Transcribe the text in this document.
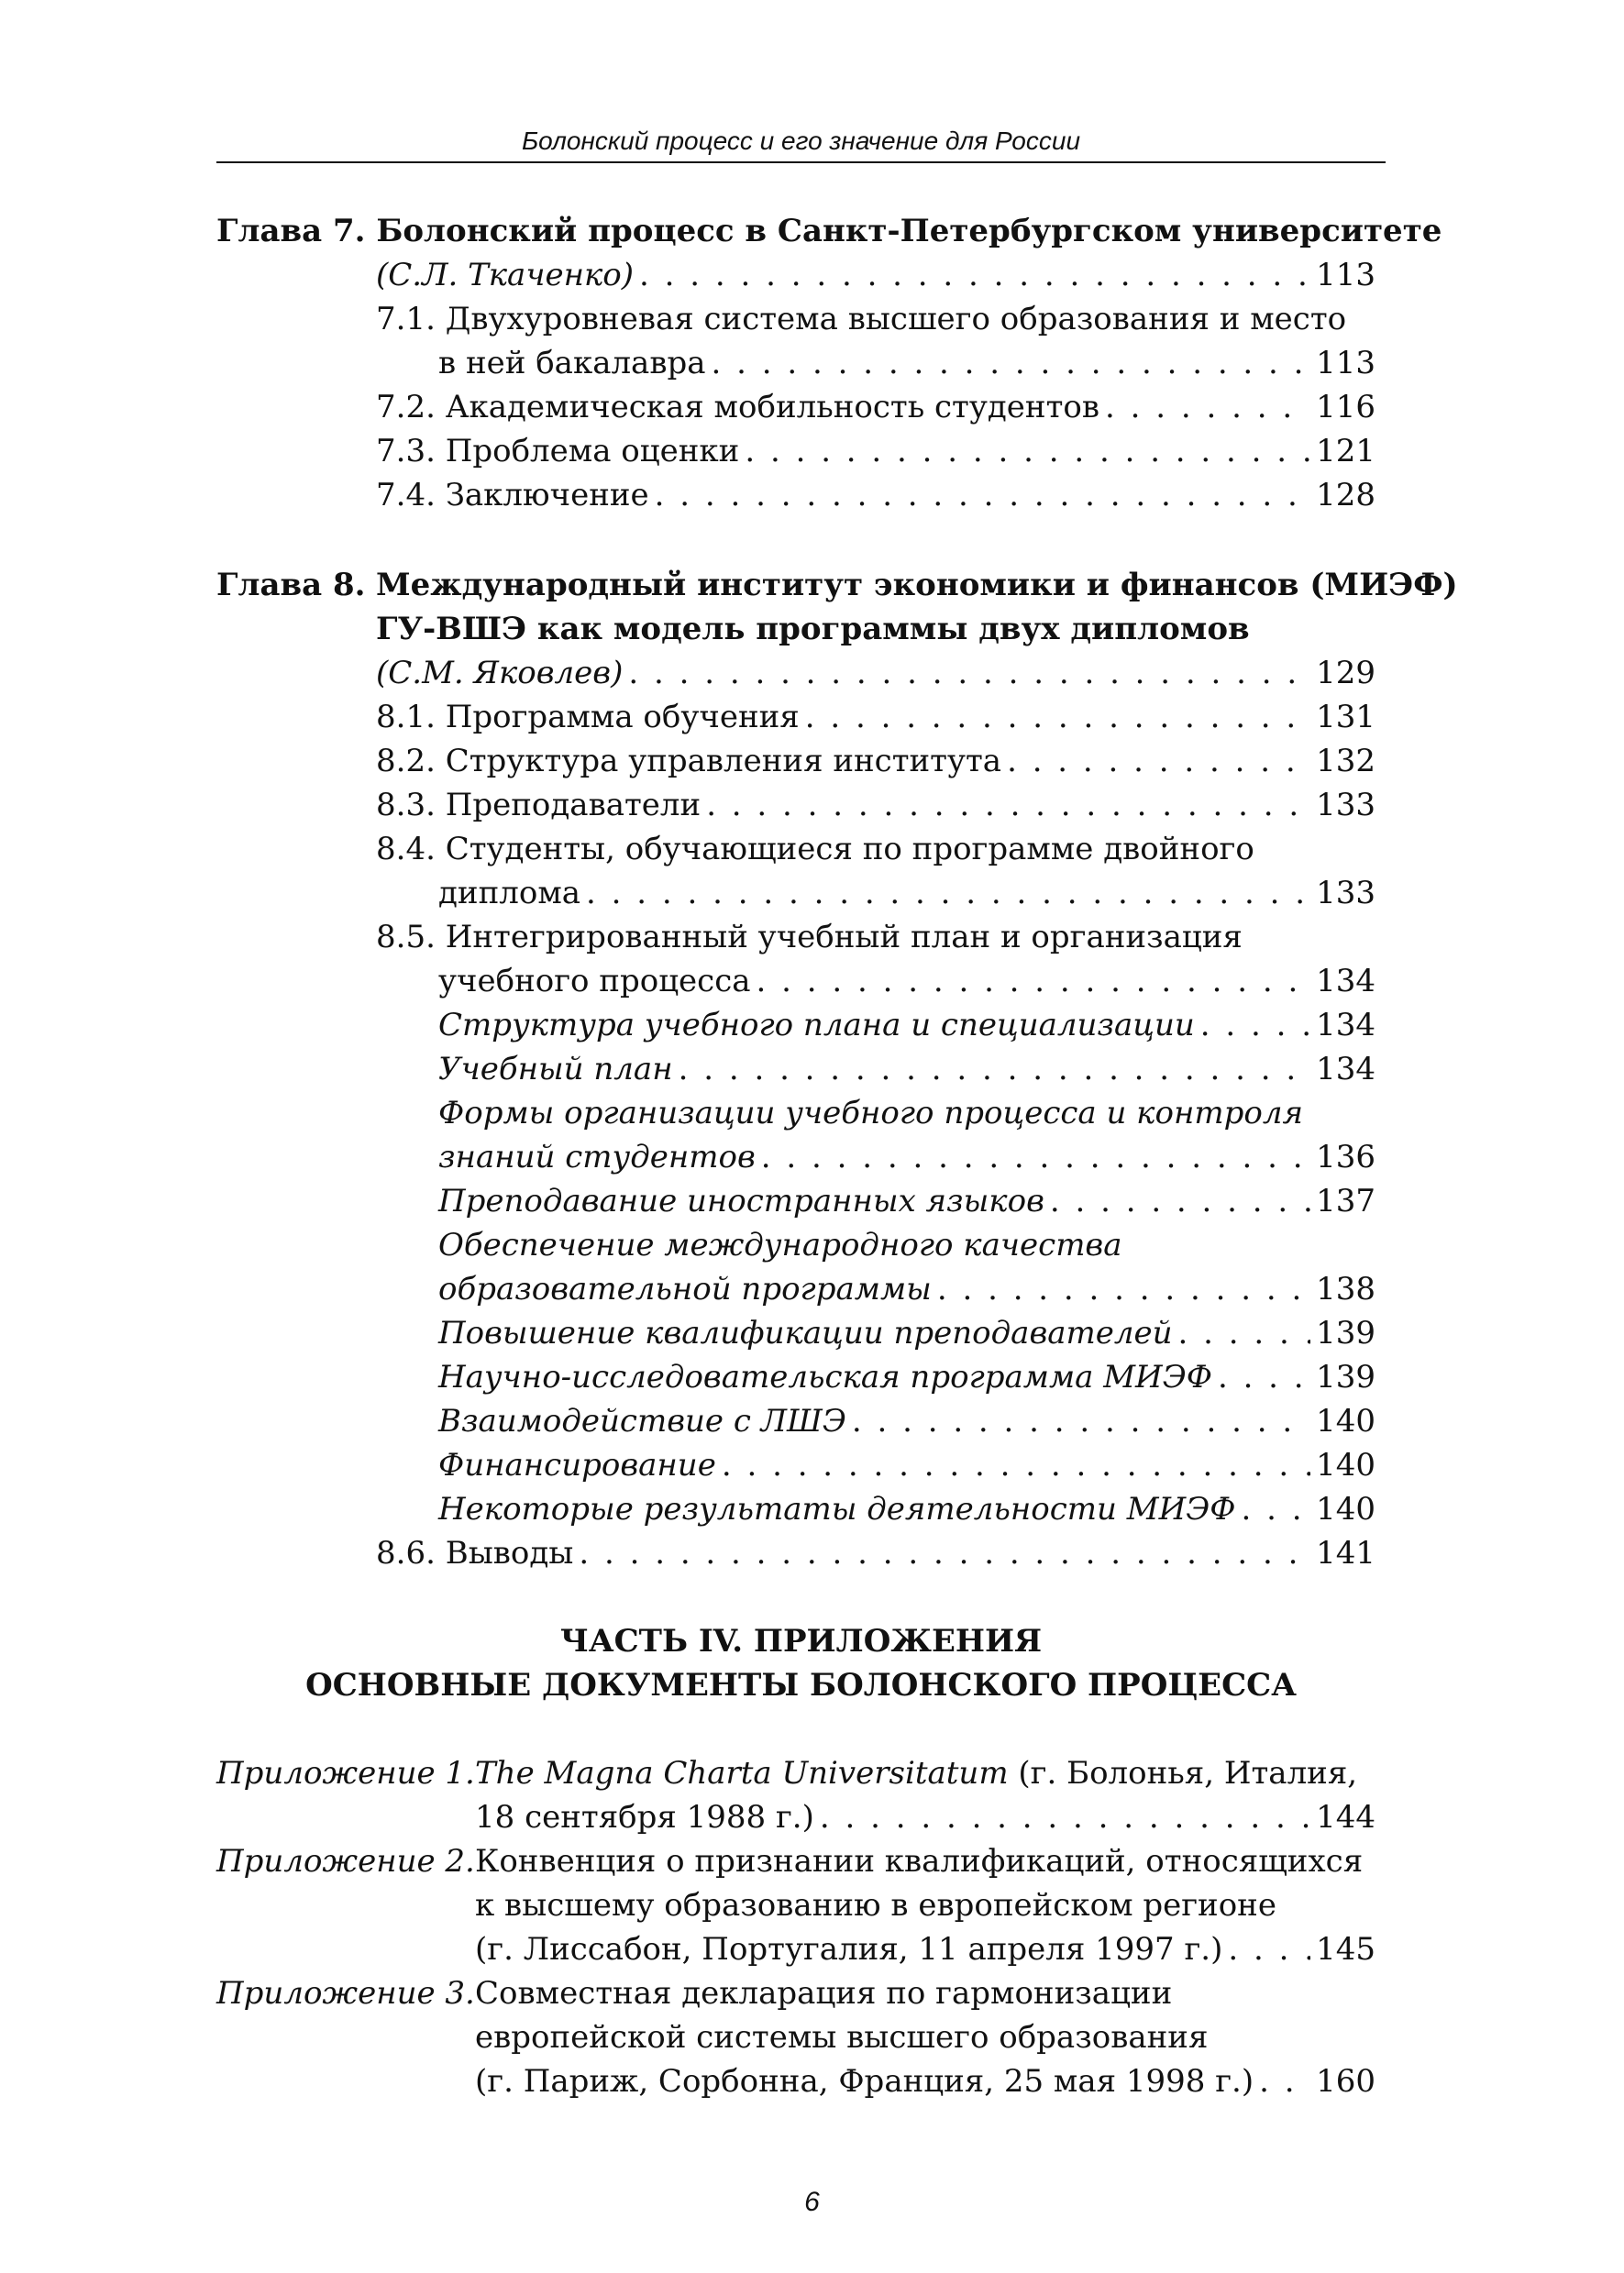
Болонский процесс и его значение для России
Глава 7. Болонский процесс в Санкт-Петербургском университете
(С.Л. Ткаченко) . . .	113
7.1. Двухуровневая система высшего образования и место
в ней бакалавра . . .	113
7.2. Академическая мобильность студентов . . .	116
7.3. Проблема оценки . . .	121
7.4. Заключение . . .	128
Глава 8. Международный институт экономики и финансов (МИЭФ)
ГУ-ВШЭ как модель программы двух дипломов
(С.М. Яковлев) . . .	129
8.1. Программа обучения . . .	131
8.2. Структура управления института . . .	132
8.3. Преподаватели . . .	133
8.4. Студенты, обучающиеся по программе двойного
диплома . . .	133
8.5. Интегрированный учебный план и организация
учебного процесса . . .	134
Структура учебного плана и специализации . . .	134
Учебный план . . .	134
Формы организации учебного процесса и контроля
знаний студентов . . .	136
Преподавание иностранных языков . . .	137
Обеспечение международного качества
образовательной программы . . .	138
Повышение квалификации преподавателей . . .	139
Научно-исследовательская программа МИЭФ . . .	139
Взаимодействие с ЛШЭ . . .	140
Финансирование . . .	140
Некоторые результаты деятельности МИЭФ . . .	140
8.6. Выводы . . .	141
ЧАСТЬ IV. ПРИЛОЖЕНИЯ
ОСНОВНЫЕ ДОКУМЕНТЫ БОЛОНСКОГО ПРОЦЕССА
Приложение 1. The Magna Charta Universitatum (г. Болонья, Италия,
18 сентября 1988 г.) . . .	144
Приложение 2. Конвенция о признании квалификаций, относящихся
к высшему образованию в европейском регионе
(г. Лиссабон, Португалия, 11 апреля 1997 г.) . . .	145
Приложение 3. Совместная декларация по гармонизации
европейской системы высшего образования
(г. Париж, Сорбонна, Франция, 25 мая 1998 г.) . . . 160
6
